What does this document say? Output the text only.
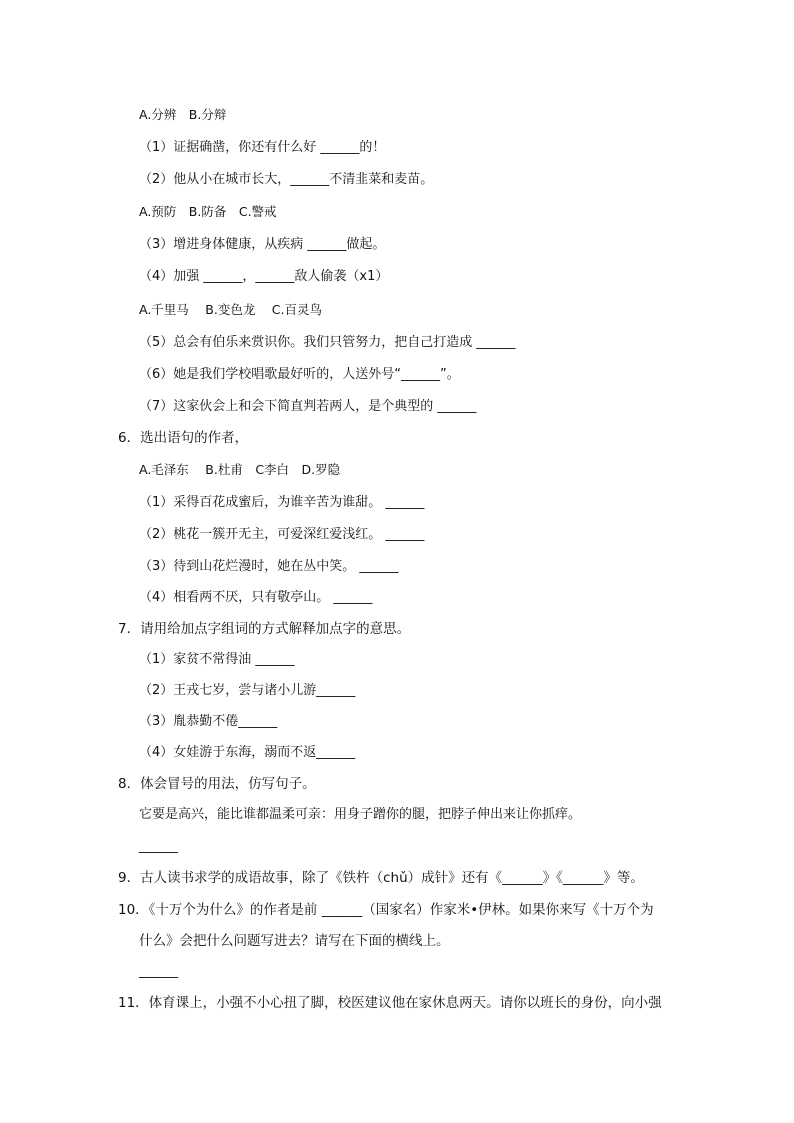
A.分辨　B.分辩
（1）证据确凿，你还有什么好 ______的！
（2）他从小在城市长大，______不清韭菜和麦苗。
A.预防　B.防备　C.警戒
（3）增进身体健康，从疾病 ______做起。
（4）加强 ______，______敌人偷袭（x1）
A.千里马　 B.变色龙　 C.百灵鸟
（5）总会有伯乐来赏识你。我们只管努力，把自己打造成 ______
（6）她是我们学校唱歌最好听的，人送外号“______”。
（7）这家伙会上和会下简直判若两人，是个典型的 ______
6．选出语句的作者，
A.毛泽东　 B.杜甫　C李白　D.罗隐
（1）采得百花成蜜后，为谁辛苦为谁甜。 ______
（2）桃花一簇开无主，可爱深红爱浅红。 ______
（3）待到山花烂漫时，她在丛中笑。 ______
（4）相看两不厌，只有敬亭山。 ______
7．请用给加点字组词的方式解释加点字的意思。
（1）家贫不常得油 ______
（2）王戎七岁，尝与诸小儿游______
（3）胤恭勤不倦______
（4）女娃游于东海，溺而不返______
8．体会冒号的用法，仿写句子。
它要是高兴，能比谁都温柔可亲：用身子蹭你的腿，把脖子伸出来让你抓痒。
______
9．古人读书求学的成语故事，除了《铁杵（chǔ）成针》还有《______》《______》等。
10．《十万个为什么》的作者是前 ______（国家名）作家米•伊林。如果你来写《十万个为
什么》会把什么问题写进去？请写在下面的横线上。
______
11．体育课上，小强不小心扭了脚，校医建议他在家休息两天。请你以班长的身份，向小强
